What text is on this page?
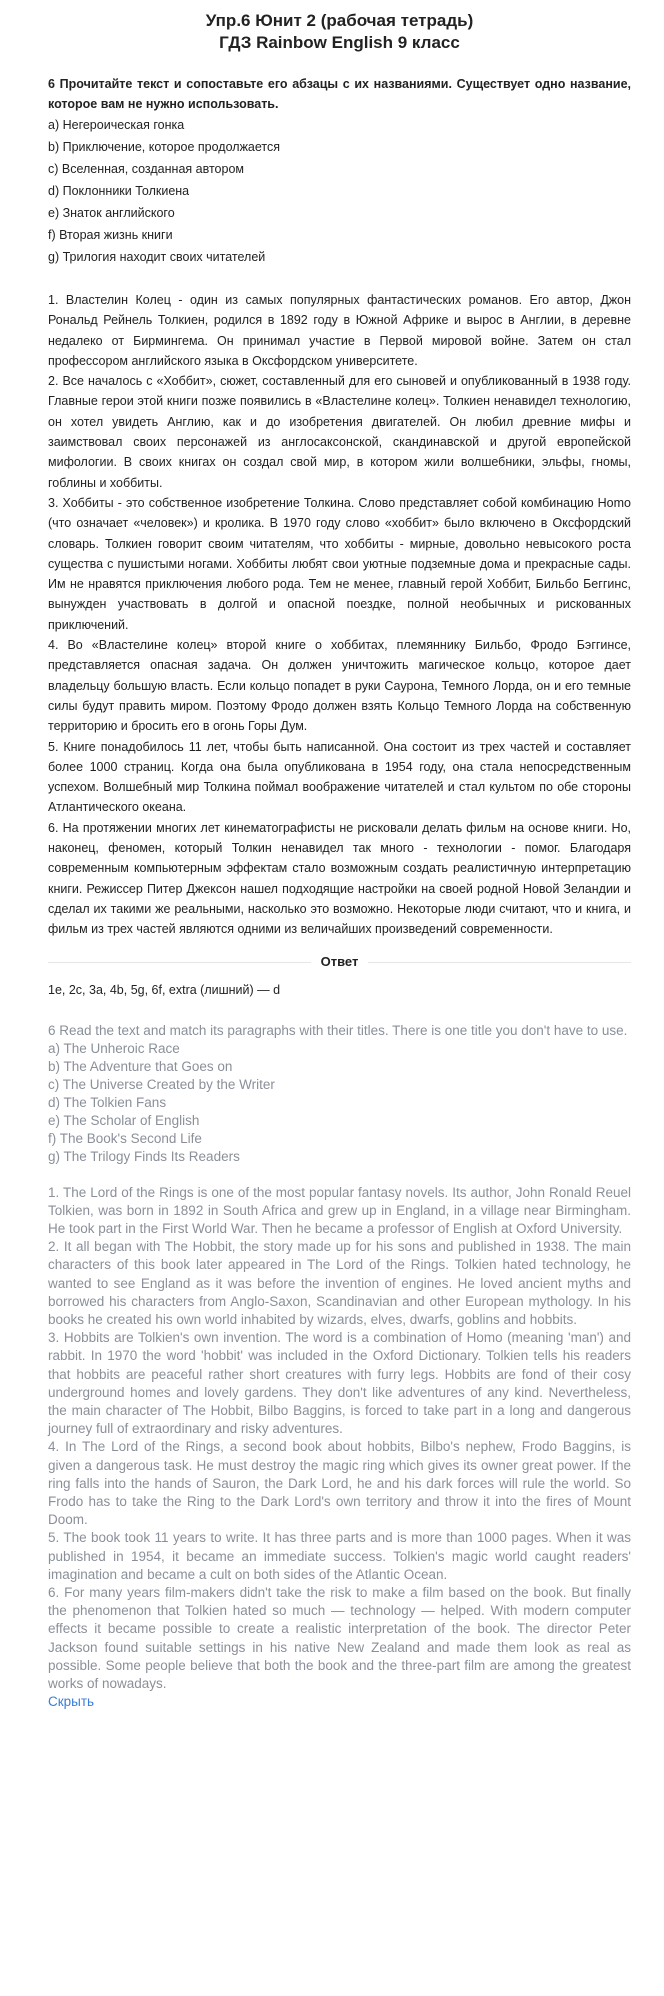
Упр.6 Юнит 2 (рабочая тетрадь)
ГДЗ Rainbow English 9 класс

6 Прочитайте текст и сопоставьте его абзацы с их названиями. Существует одно название, которое вам не нужно использовать.

a) Негероическая гонка
b) Приключение, которое продолжается
c) Вселенная, созданная автором
d) Поклонники Толкиена
e) Знаток английского
f) Вторая жизнь книги
g) Трилогия находит своих читателей

1. Властелин Колец - один из самых популярных фантастических романов. Его автор, Джон Рональд Рейнель Толкиен, родился в 1892 году в Южной Африке и вырос в Англии, в деревне недалеко от Бирмингема. Он принимал участие в Первой мировой войне. Затем он стал профессором английского языка в Оксфордском университете.

2. Все началось с «Хоббит», сюжет, составленный для его сыновей и опубликованный в 1938 году. Главные герои этой книги позже появились в «Властелине колец». Толкиен ненавидел технологию, он хотел увидеть Англию, как и до изобретения двигателей. Он любил древние мифы и заимствовал своих персонажей из англосаксонской, скандинавской и другой европейской мифологии. В своих книгах он создал свой мир, в котором жили волшебники, эльфы, гномы, гоблины и хоббиты.

3. Хоббиты - это собственное изобретение Толкина. Слово представляет собой комбинацию Homo (что означает «человек») и кролика. В 1970 году слово «хоббит» было включено в Оксфордский словарь. Толкиен говорит своим читателям, что хоббиты - мирные, довольно невысокого роста существа с пушистыми ногами. Хоббиты любят свои уютные подземные дома и прекрасные сады. Им не нравятся приключения любого рода. Тем не менее, главный герой Хоббит, Бильбо Беггинс, вынужден участвовать в долгой и опасной поездке, полной необычных и рискованных приключений.

4. Во «Властелине колец» второй книге о хоббитах, племяннику Бильбо, Фродо Бэггинсе, представляется опасная задача. Он должен уничтожить магическое кольцо, которое дает владельцу большую власть. Если кольцо попадет в руки Саурона, Темного Лорда, он и его темные силы будут править миром. Поэтому Фродо должен взять Кольцо Темного Лорда на собственную территорию и бросить его в огонь Горы Дум.

5. Книге понадобилось 11 лет, чтобы быть написанной. Она состоит из трех частей и составляет более 1000 страниц. Когда она была опубликована в 1954 году, она стала непосредственным успехом. Волшебный мир Толкина поймал воображение читателей и стал культом по обе стороны Атлантического океана.

6. На протяжении многих лет кинематографисты не рисковали делать фильм на основе книги. Но, наконец, феномен, который Толкин ненавидел так много - технологии - помог. Благодаря современным компьютерным эффектам стало возможным создать реалистичную интерпретацию книги. Режиссер Питер Джексон нашел подходящие настройки на своей родной Новой Зеландии и сделал их такими же реальными, насколько это возможно. Некоторые люди считают, что и книга, и фильм из трех частей являются одними из величайших произведений современности.

Ответ

1e, 2c, 3a, 4b, 5g, 6f, extra (лишний) — d

6 Read the text and match its paragraphs with their titles. There is one title you don't have to use.

a) The Unheroic Race
b) The Adventure that Goes on
c) The Universe Created by the Writer
d) The Tolkien Fans
e) The Scholar of English
f) The Book's Second Life
g) The Trilogy Finds Its Readers

1. The Lord of the Rings is one of the most popular fantasy novels. Its author, John Ronald Reuel Tolkien, was born in 1892 in South Africa and grew up in England, in a village near Birmingham. He took part in the First World War. Then he became a professor of English at Oxford University.

2. It all began with The Hobbit, the story made up for his sons and published in 1938. The main characters of this book later appeared in The Lord of the Rings. Tolkien hated technology, he wanted to see England as it was before the invention of engines. He loved ancient myths and borrowed his characters from Anglo-Saxon, Scandinavian and other European mythology. In his books he created his own world inhabited by wizards, elves, dwarfs, goblins and hobbits.

3. Hobbits are Tolkien's own invention. The word is a combination of Homo (meaning 'man') and rabbit. In 1970 the word 'hobbit' was included in the Oxford Dictionary. Tolkien tells his readers that hobbits are peaceful rather short creatures with furry legs. Hobbits are fond of their cosy underground homes and lovely gardens. They don't like adventures of any kind. Nevertheless, the main character of The Hobbit, Bilbo Baggins, is forced to take part in a long and dangerous journey full of extraordinary and risky adventures.

4. In The Lord of the Rings, a second book about hobbits, Bilbo's nephew, Frodo Baggins, is given a dangerous task. He must destroy the magic ring which gives its owner great power. If the ring falls into the hands of Sauron, the Dark Lord, he and his dark forces will rule the world. So Frodo has to take the Ring to the Dark Lord's own territory and throw it into the fires of Mount Doom.

5. The book took 11 years to write. It has three parts and is more than 1000 pages. When it was published in 1954, it became an immediate success. Tolkien's magic world caught readers' imagination and became a cult on both sides of the Atlantic Ocean.

6. For many years film-makers didn't take the risk to make a film based on the book. But finally the phenomenon that Tolkien hated so much — technology — helped. With modern computer effects it became possible to create a realistic interpretation of the book. The director Peter Jackson found suitable settings in his native New Zealand and made them look as real as possible. Some people believe that both the book and the three-part film are among the greatest works of nowadays.

Скрыть
